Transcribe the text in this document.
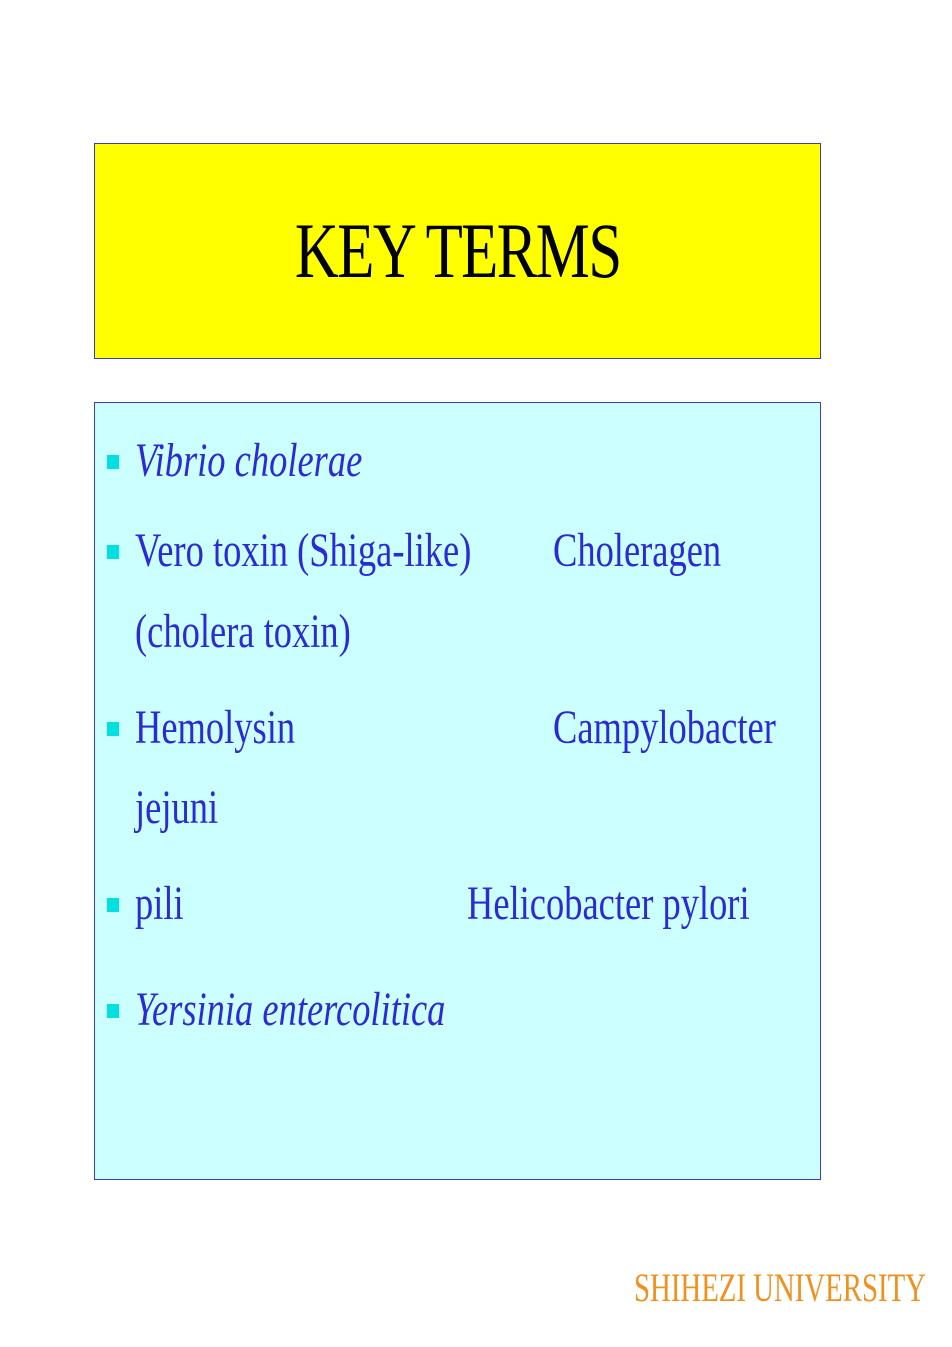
KEY TERMS
Vibrio cholerae
Vero toxin (Shiga-like) Choleragen
(cholera toxin)
Hemolysin	Campylobacter
jejuni
pili	Helicobacter pylori
Yersinia entercolitica
SHIHEZI UNIVERSITY
